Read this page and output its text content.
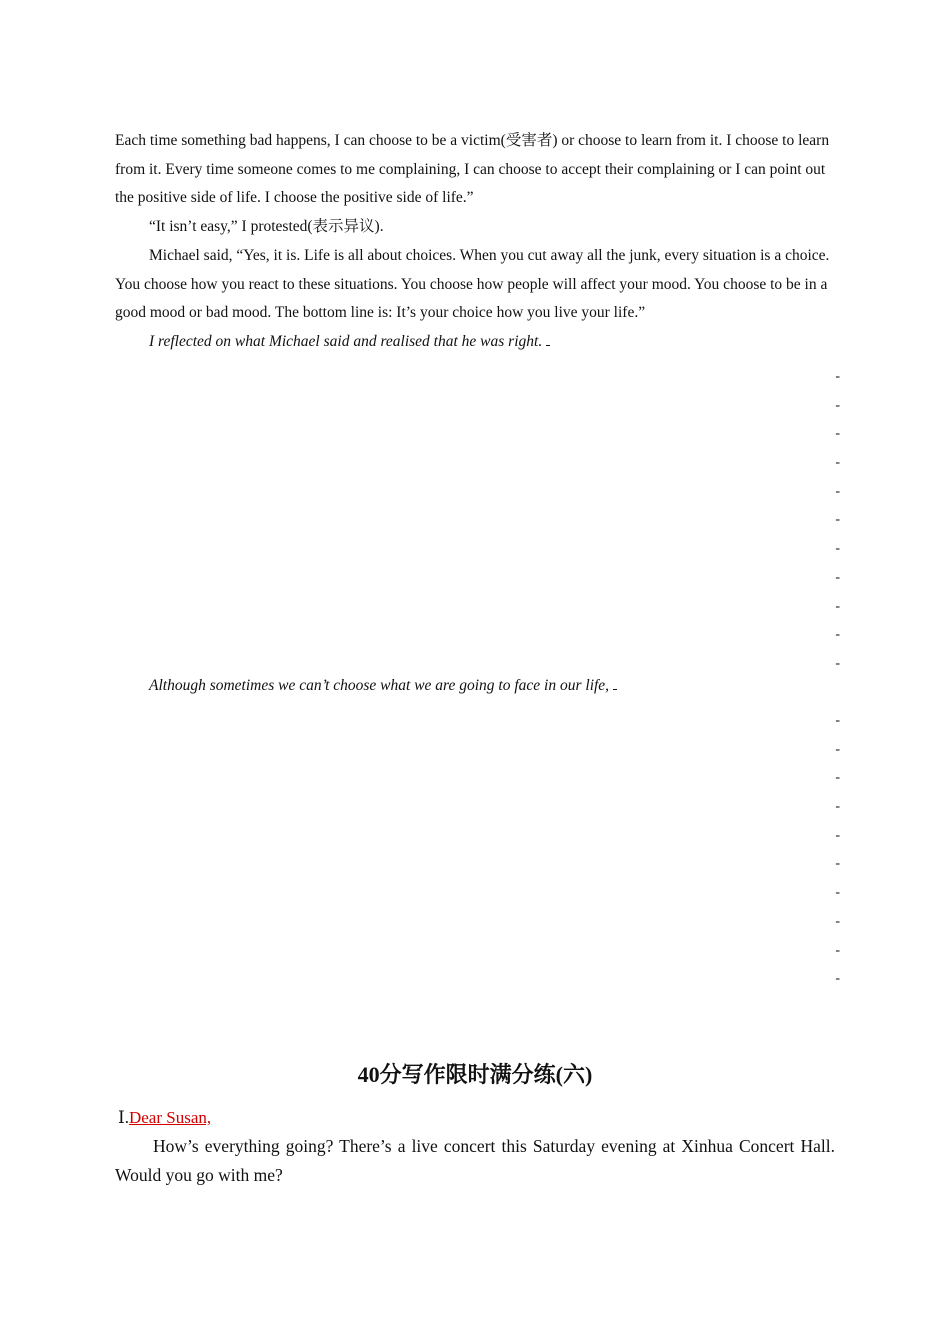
Each time something bad happens, I can choose to be a victim(受害者) or choose to learn from it. I choose to learn from it. Every time someone comes to me complaining, I can choose to accept their complaining or I can point out the positive side of life. I choose the positive side of life.”

“It isn’t easy,” I protested(表示异议).

Michael said, “Yes, it is. Life is all about choices. When you cut away all the junk, every situation is a choice. You choose how you react to these situations. You choose how people will affect your mood. You choose to be in a good mood or bad mood. The bottom line is: It’s your choice how you live your life.”

I reflected on what Michael said and realised that he was right.

-
-
-
-
-
-
-
-
-
-
-

Although sometimes we can’t choose what we are going to face in our life,

-
-
-
-
-
-
-
-
-
-
40分写作限时满分练(六)
Ⅰ.Dear Susan,

How’s everything going? There’s a live concert this Saturday evening at Xinhua Concert Hall. Would you go with me?
